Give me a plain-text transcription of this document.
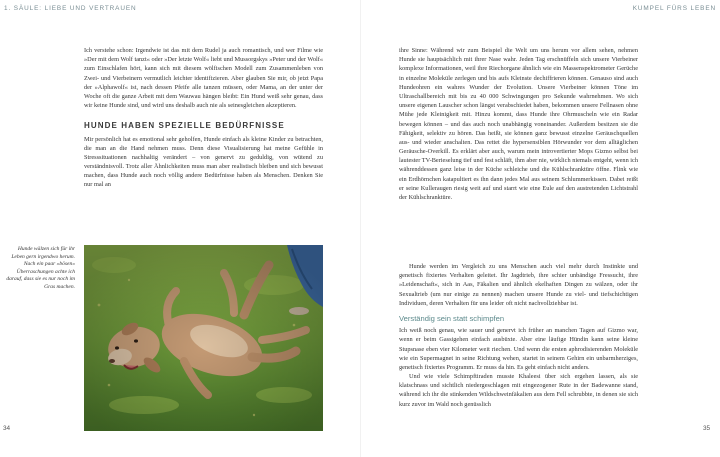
1. SÄULE: LIEBE UND VERTRAUEN	KUMPEL FÜRS LEBEN

Ich verstehe schon: Irgendwie ist das mit dem Rudel ja auch romantisch, und wer Filme wie »Der mit dem Wolf tanzt« oder »Der letzte Wolf« liebt und Mussorgskys »Peter und der Wolf« zum Einschlafen hört, kann sich mit diesem wölfischen Modell zum Zusammenleben von Zwei- und Vierbeinern vermutlich leichter identifizieren. Aber glauben Sie mir, ob jetzt Papa der »Alphawolf« ist, nach dessen Pfeife alle tanzen müssen, oder Mama, an der unter der Woche oft die ganze Arbeit mit dem Wauwau hängen bleibt: Ein Hund weiß sehr genau, dass wir keine Hunde sind, und wird uns deshalb auch nie als seinesgleichen akzeptieren.

HUNDE HABEN SPEZIELLE BEDÜRFNISSE

Mir persönlich hat es emotional sehr geholfen, Hunde einfach als kleine Kinder zu betrachten, die man an die Hand nehmen muss. Denn diese Visualisierung hat meine Gefühle in Stresssituationen nachhaltig verändert – von genervt zu geduldig, von wütend zu verständnisvoll. Trotz aller Ähnlichkeiten muss man aber realistisch bleiben und sich bewusst machen, dass Hunde auch noch völlig andere Bedürfnisse haben als Menschen. Denken Sie nur mal an

Hunde wälzen sich für ihr Leben gern irgendwo herum. Nach ein paar »bösen« Überraschungen achte ich darauf, dass sie es nur noch im Gras machen.

ihre Sinne: Während wir zum Beispiel die Welt um uns herum vor allem sehen, nehmen Hunde sie hauptsächlich mit ihrer Nase wahr. Jeden Tag erschnüffeln sich unsere Vierbeiner komplexe Informationen, weil ihre Riechorgane ähnlich wie ein Massenspektrometer Gerüche in einzelne Moleküle zerlegen und bis aufs Kleinste dechiffrieren können. Genauso sind auch Hundeohren ein wahres Wunder der Evolution. Unsere Vierbeiner können Töne im Ultraschallbereich mit bis zu 40 000 Schwingungen pro Sekunde wahrnehmen. Wo sich unsere eigenen Lauscher schon längst verabschiedet haben, bekommen unsere Fellnasen ohne Mühe jede Kleinigkeit mit. Hinzu kommt, dass Hunde ihre Ohrmuscheln wie ein Radar bewegen können – und das auch noch unabhängig voneinander. Außerdem besitzen sie die Fähigkeit, selektiv zu hören. Das heißt, sie können ganz bewusst einzelne Geräuschquellen aus- und wieder anschalten. Das rettet die hypersensiblen Hörwunder vor dem alltäglichen Geräusche-Overkill. Es erklärt aber auch, warum mein introvertierter Mops Gizmo selbst bei lautester TV-Berieselung tief und fest schläft, ihm aber nie, wirklich niemals entgeht, wenn ich währenddessen ganz leise in der Küche schleiche und die Kühlschranktüre öffne. Flink wie ein Erdhörnchen katapultiert es ihn dann jedes Mal aus seinem Schlummerkissen. Dabei reißt er seine Kulleraugen riesig weit auf und starrt wie eine Eule auf den austretenden Lichtstrahl der Kühlschranktüre.

Hunde werden im Vergleich zu uns Menschen auch viel mehr durch Instinkte und genetisch fixiertes Verhalten geleitet. Ihr Jagdtrieb, ihre schier unbändige Fressucht, ihre »Leidenschaft«, sich in Aas, Fäkalien und ähnlich ekelhaften Dingen zu wälzen, oder ihr Sexualtrieb (um nur einige zu nennen) machen unsere Hunde zu viel- und tiefschichtigen Individuen, deren Verhalten für uns leider oft nicht nachvollziehbar ist.

Verständig sein statt schimpfen

Ich weiß noch genau, wie sauer und genervt ich früher an manchen Tagen auf Gizmo war, wenn er beim Gassigehen einfach ausbüxte. Aber eine läufige Hündin kann seine kleine Stupsnase eben vier Kilometer weit riechen. Und wenn die ersten aphrodisierenden Moleküle wie ein Supermagnet in seine Richtung wehen, startet in seinem Gehirn ein unbarmherziges, genetisch fixiertes Programm. Er muss da hin. Es geht einfach nicht anders.

Und wie viele Schimpftiraden musste Khaleesi über sich ergehen lassen, als sie klatschnass und sichtlich niedergeschlagen mit eingezogener Rute in der Badewanne stand, während ich ihr die stinkenden Wildschweinfäkalien aus dem Fell schrubbte, in denen sie sich kurz zuvor im Wald noch genüsslich

34	35
